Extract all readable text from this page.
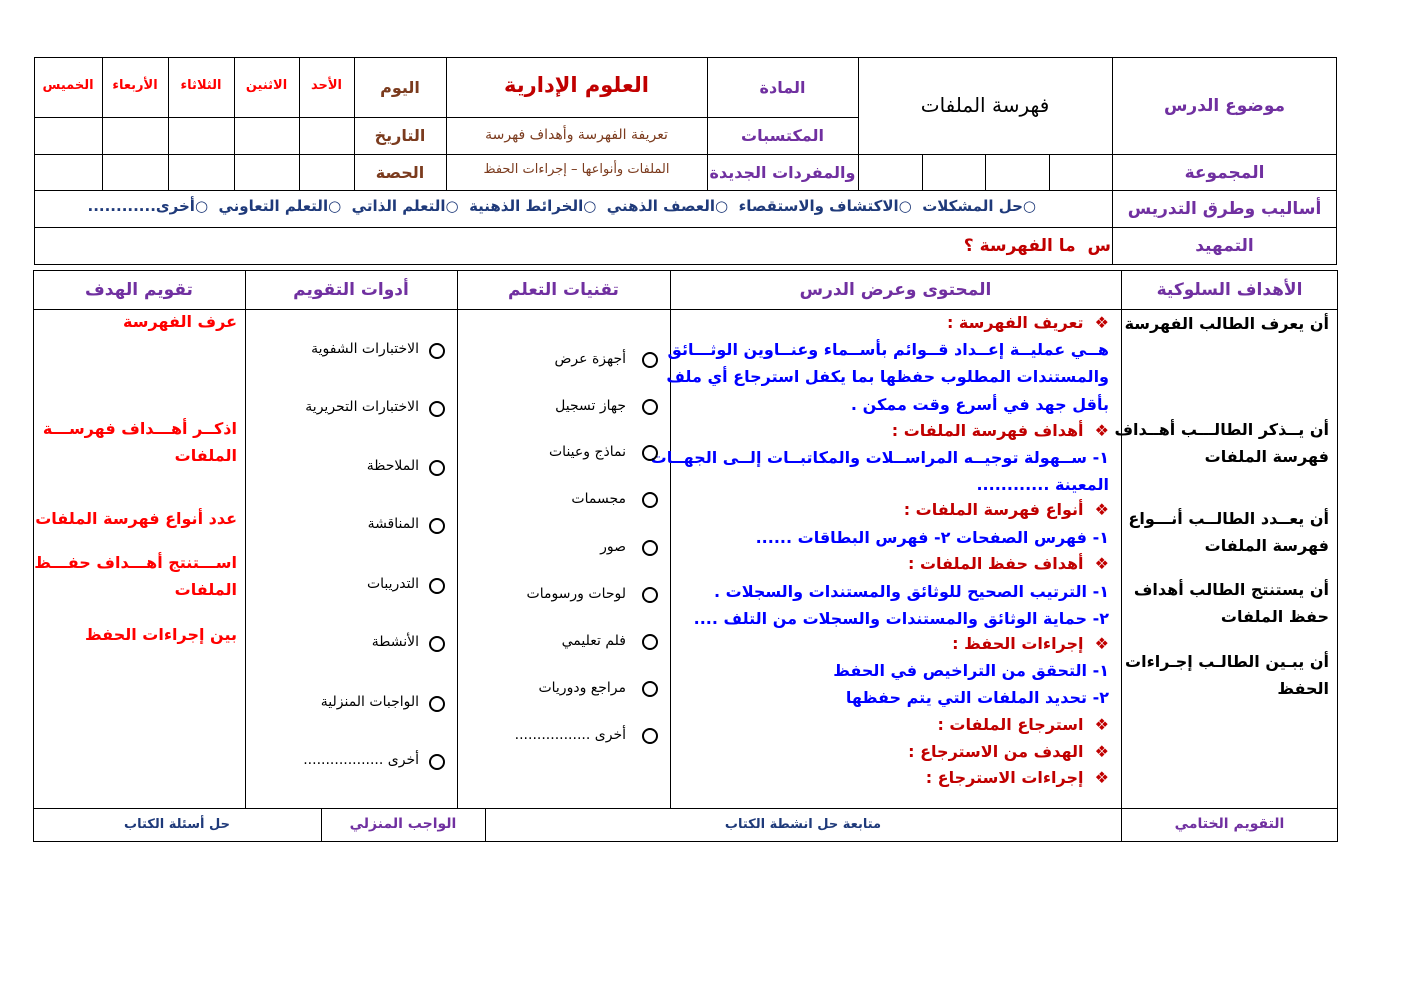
موضوع الدرس
فهرسة الملفات
المادة
العلوم الإدارية
اليوم
الأحد
الاثنين
الثلاثاء
الأربعاء
الخميس
المكتسبات
والمفردات الجديدة
تعريفة الفهرسة وأهداف فهرسة
الملفات وأنواعها – إجراءات الحفظ
التاريخ
الحصة	المجموعة
أساليب وطرق التدريس
○حل المشكلات  ○الاكتشاف والاستقصاء  ○العصف الذهني  ○الخرائط الذهنية  ○التعلم الذاتي  ○التعلم التعاوني  ○أخرى............
التمهيد
س  ما الفهرسة ؟
الأهداف السلوكية
المحتوى وعرض الدرس
تقنيات التعلم
أدوات التقويم
تقويم الهدف
أن يعرف الطالب الفهرسة
أن يــذكر الطالـــب أهــداف
فهرسة الملفات
أن يعــدد الطالــب أنـــواع
فهرسة الملفات
أن يستنتج الطالب أهداف
حفظ الملفات
أن يبـين الطالـب إجـراءات
الحفظ
❖  تعريف الفهرسة :
هــي عمليــة إعــداد قــوائم بأســماء وعنــاوين الوثـــائق
والمستندات المطلوب حفظها بما يكفل استرجاع أي ملف
بأقل جهد في أسرع وقت ممكن .
❖  أهداف فهرسة الملفات :
١- ســهولة توجيــه المراســلات والمكاتبــات إلــى الجهــات
المعينة ............
❖  أنواع فهرسة الملفات :
١- فهرس الصفحات ٢- فهرس البطاقات ......
❖  أهداف حفظ الملفات :
١- الترتيب الصحيح للوثائق والمستندات والسجلات .
٢- حماية الوثائق والمستندات والسجلات من التلف ....
❖  إجراءات الحفظ :
١- التحقق من التراخيص في الحفظ
٢- تحديد الملفات التي يتم حفظها
❖  استرجاع الملفات :
❖  الهدف من الاسترجاع :
❖  إجراءات الاسترجاع :
أجهزة عرض
جهاز تسجيل
نماذج وعينات
مجسمات
صور
لوحات ورسومات
فلم تعليمي
مراجع ودوريات
أخرى .................
الاختبارات الشفوية
الاختبارات التحريرية
الملاحظة
المناقشة
التدريبات
الأنشطة
الواجبات المنزلية
أخرى ..................
عرف الفهرسة
اذكــر أهـــداف فهرســـة
الملفات
عدد أنواع فهرسة الملفات
اســـتنتج أهـــداف حفـــظ
الملفات
بين إجراءات الحفظ
التقويم الختامي
متابعة حل انشطة الكتاب
الواجب المنزلي
حل أسئلة الكتاب
